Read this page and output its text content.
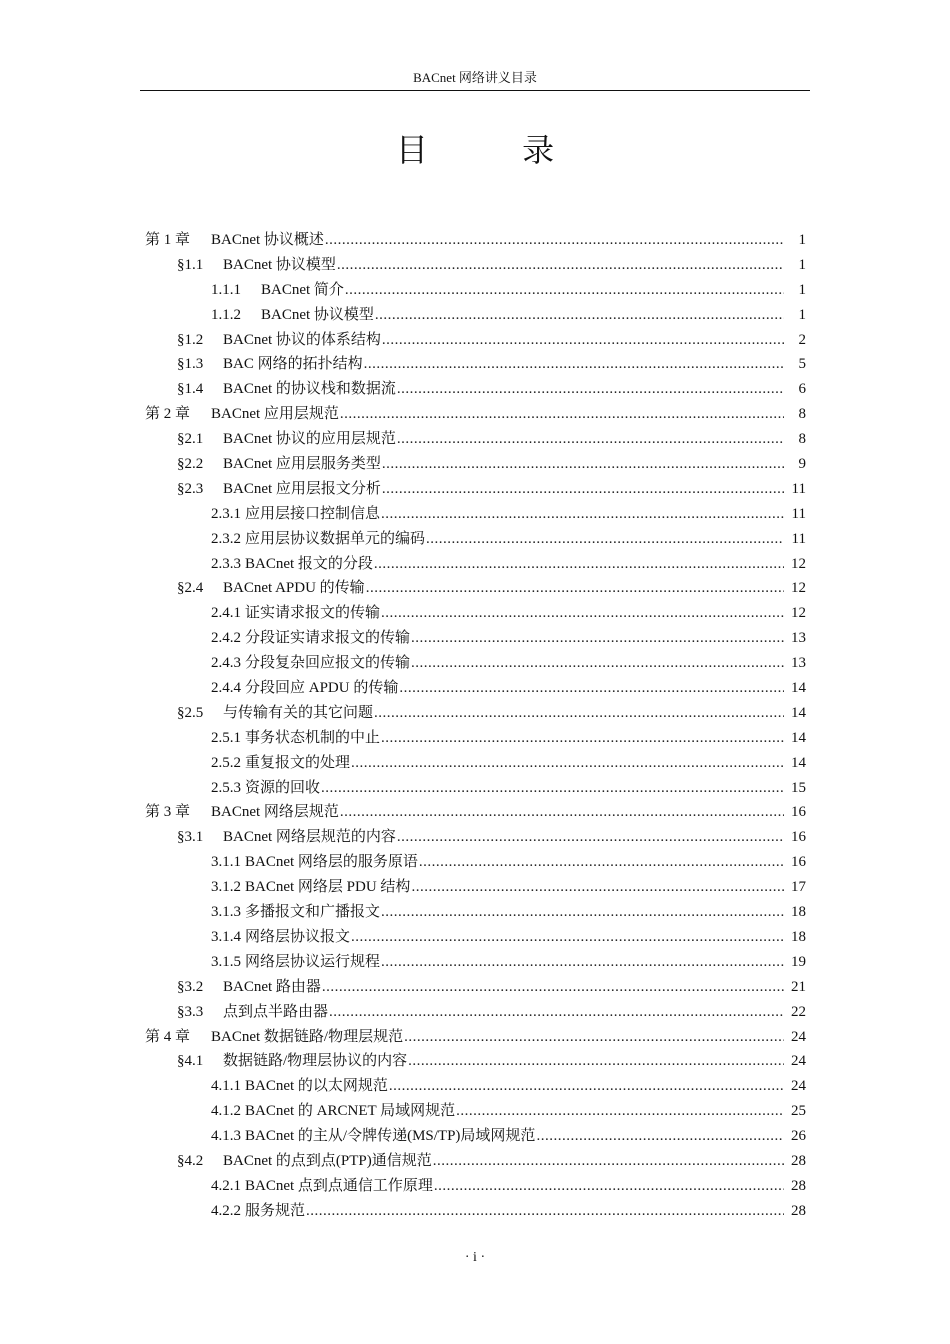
BACnet 网络讲义目录
目 录
第 1 章	BACnet 协议概述 .....	1
§1.1	BACnet 协议模型 .....	1
1.1.1	BACnet 简介 .....	1
1.1.2	BACnet 协议模型 .....	1
§1.2	BACnet 协议的体系结构 .....	2
§1.3	BAC 网络的拓扑结构 .....	5
§1.4	BACnet 的协议栈和数据流 .....	6
第 2 章	BACnet 应用层规范 .....	8
§2.1	BACnet 协议的应用层规范 .....	8
§2.2	BACnet 应用层服务类型 .....	9
§2.3	BACnet 应用层报文分析 .....	11
2.3.1 应用层接口控制信息 .....	11
2.3.2 应用层协议数据单元的编码 .....	11
2.3.3 BACnet 报文的分段 .....	12
§2.4	BACnet APDU 的传输 .....	12
2.4.1 证实请求报文的传输 .....	12
2.4.2 分段证实请求报文的传输 .....	13
2.4.3 分段复杂回应报文的传输 .....	13
2.4.4 分段回应 APDU 的传输 .....	14
§2.5	与传输有关的其它问题 .....	14
2.5.1 事务状态机制的中止 .....	14
2.5.2 重复报文的处理 .....	14
2.5.3 资源的回收 .....	15
第 3 章	BACnet 网络层规范 .....	16
§3.1	BACnet 网络层规范的内容 .....	16
3.1.1 BACnet 网络层的服务原语 .....	16
3.1.2 BACnet 网络层 PDU 结构 .....	17
3.1.3 多播报文和广播报文 .....	18
3.1.4 网络层协议报文 .....	18
3.1.5 网络层协议运行规程 .....	19
§3.2	BACnet 路由器 .....	21
§3.3	点到点半路由器 .....	22
第 4 章	BACnet 数据链路/物理层规范 .....	24
§4.1	数据链路/物理层协议的内容 .....	24
4.1.1 BACnet 的以太网规范 .....	24
4.1.2 BACnet 的 ARCNET 局域网规范 .....	25
4.1.3 BACnet 的主从/令牌传递(MS/TP)局域网规范 .....	26
§4.2	BACnet 的点到点(PTP)通信规范 .....	28
4.2.1 BACnet 点到点通信工作原理 .....	28
4.2.2 服务规范 .....	28
· i ·
